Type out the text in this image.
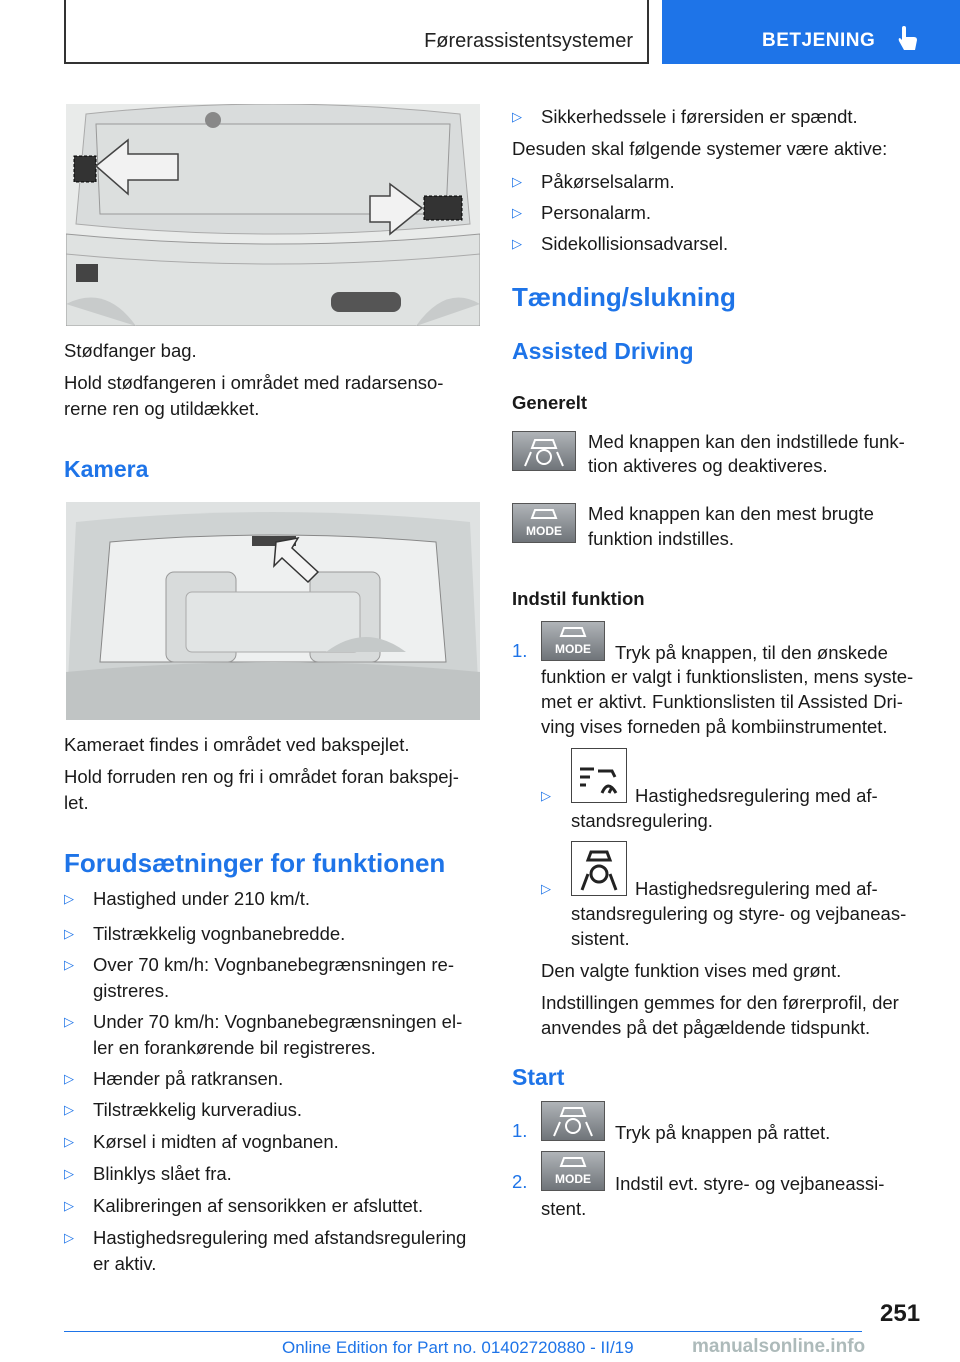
Førerassistentsystemer	BETJENING
Stødfanger bag.
Hold stødfangeren i området med radarsenso-
rerne ren og utildækket.
Kamera
Kameraet findes i området ved bakspejlet.
Hold forruden ren og fri i området foran bakspej-
let.
Forudsætninger for funktionen
▷ Hastighed under 210 km/t.
▷ Tilstrækkelig vognbanebredde.
▷ Over 70 km/h: Vognbanebegrænsningen re-
gistreres.
▷ Under 70 km/h: Vognbanebegrænsningen el-
ler en forankørende bil registreres.
▷ Hænder på ratkransen.
▷ Tilstrækkelig kurveradius.
▷ Kørsel i midten af vognbanen.
▷ Blinklys slået fra.
▷ Kalibreringen af sensorikken er afsluttet.
▷ Hastighedsregulering med afstandsregulering
er aktiv.
▷ Sikkerhedssele i førersiden er spændt.
Desuden skal følgende systemer være aktive:
▷ Påkørselsalarm.
▷ Personalarm.
▷ Sidekollisionsadvarsel.
Tænding/slukning
Assisted Driving
Generelt
Med knappen kan den indstillede funk-
tion aktiveres og deaktiveres.
MODE
Med knappen kan den mest brugte
funktion indstilles.
Indstil funktion
1.	MODE	Tryk på knappen, til den ønskede
funktion er valgt i funktionslisten, mens syste-
met er aktivt. Funktionslisten til Assisted Dri-
ving vises forneden på kombiinstrumentet.
▷	Hastighedsregulering med af-
standsregulering.
▷	Hastighedsregulering med af-
standsregulering og styre- og vejbaneas-
sistent.
Den valgte funktion vises med grønt.
Indstillingen gemmes for den førerprofil, der
anvendes på det pågældende tidspunkt.
Start
1.	Tryk på knappen på rattet.
2.	MODE	Indstil evt. styre- og vejbaneassi-
stent.
251
Online Edition for Part no. 01402720880 - II/19	manualsonline.info
